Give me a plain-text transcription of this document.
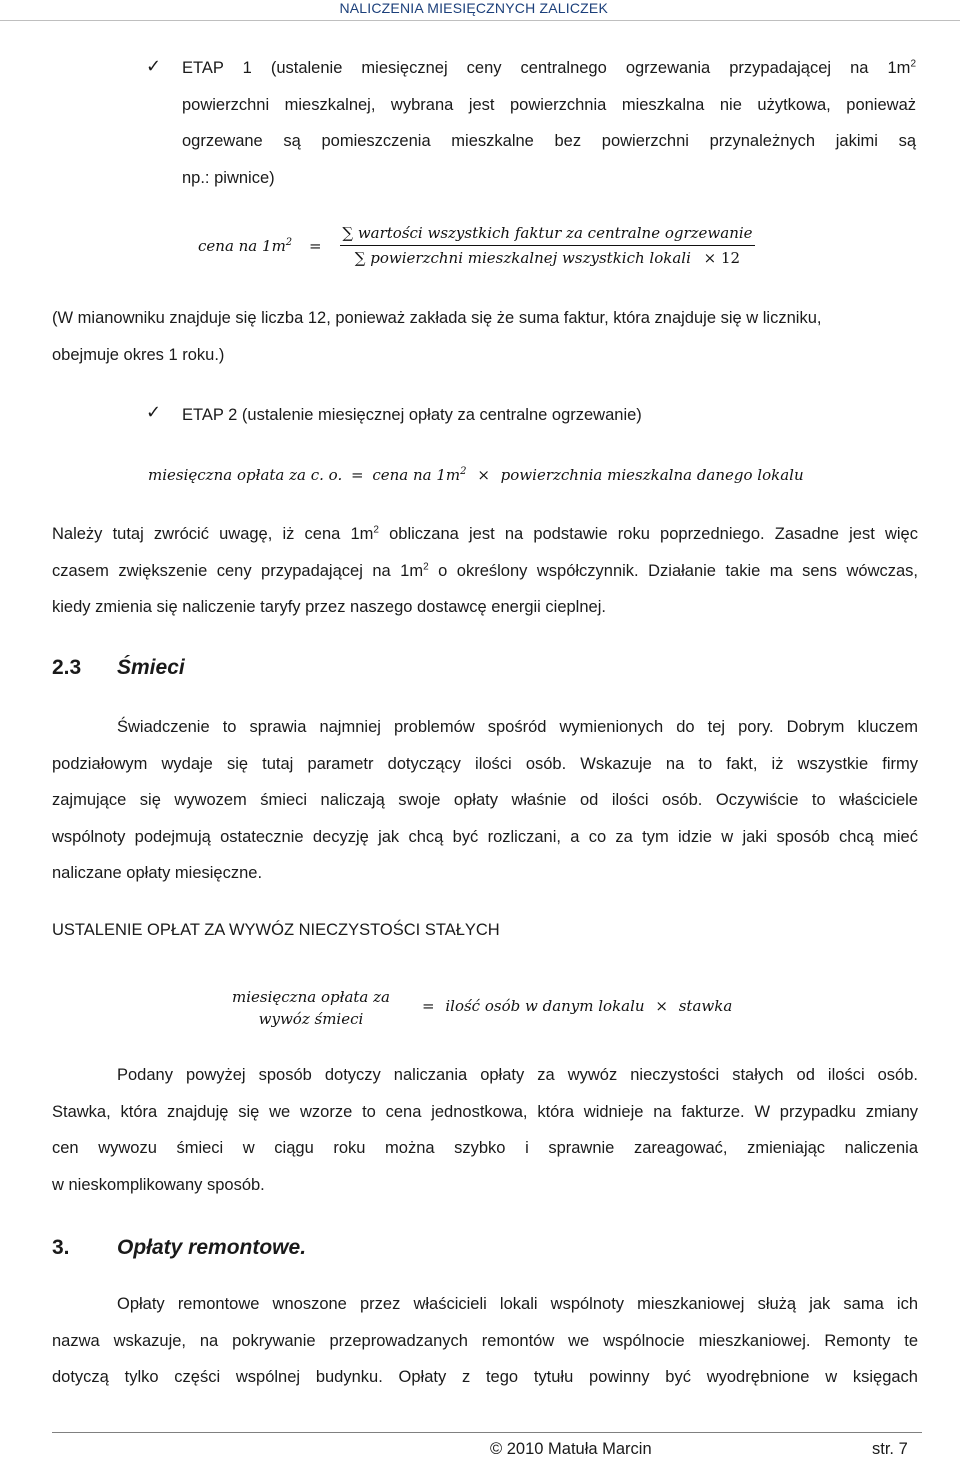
NALICZENIA MIESIĘCZNYCH ZALICZEK
✓ ETAP 1 (ustalenie miesięcznej ceny centralnego ogrzewania przypadającej na $1m^2$

powierzchni mieszkalnej, wybrana jest powierzchnia mieszkalna nie użytkowa, ponieważ

ogrzewane są pomieszczenia mieszkalne bez powierzchni przynależnych jakimi są

np.: piwnice)

cena na $1m^2 = \frac{\text{∑ wartości wszystkich faktur za centralne ogrzewanie}}{\text{∑ powierzchni mieszkalnej wszystkich lokali × 12}}$

(W mianowniku znajduje się liczba 12, ponieważ zakłada się że suma faktur, która znajduje się w liczniku,

obejmuje okres 1 roku.)

✓ ETAP 2 (ustalenie miesięcznej opłaty za centralne ogrzewanie)

miesięczna opłata za c. o. = cena na $1m^2$ × powierzchnia mieszkalna danego lokalu

Należy tutaj zwrócić uwagę, iż cena $1m^2$ obliczana jest na podstawie roku poprzedniego. Zasadne jest więc

czasem zwiększenie ceny przypadającej na $1m^2$ o określony współczynnik. Działanie takie ma sens wówczas,

kiedy zmienia się naliczenie taryfy przez naszego dostawcę energii cieplnej.

2.3 Śmieci

Świadczenie to sprawia najmniej problemów spośród wymienionych do tej pory. Dobrym kluczem

podziałowym wydaje się tutaj parametr dotyczący ilości osób. Wskazuje na to fakt, iż wszystkie firmy

zajmujące się wywozem śmieci naliczają swoje opłaty właśnie od ilości osób. Oczywiście to właściciele

wspólnoty podejmują ostatecznie decyzję jak chcą być rozliczani, a co za tym idzie w jaki sposób chcą mieć

naliczane opłaty miesięczne.

USTALENIE OPŁAT ZA WYWÓZ NIECZYSTOŚCI STAŁYCH
miesięczna opłata za
wywóz śmieci
= ilość osób w danym lokalu × stawka

Podany powyżej sposób dotyczy naliczania opłaty za wywóz nieczystości stałych od ilości osób.

Stawka, która znajduję się we wzorze to cena jednostkowa, która widnieje na fakturze. W przypadku zmiany

cen wywozu śmieci w ciągu roku można szybko i sprawnie zareagować, zmieniając naliczenia

w nieskomplikowany sposób.

3. Opłaty remontowe.

Opłaty remontowe wnoszone przez właścicieli lokali wspólnoty mieszkaniowej służą jak sama ich

nazwa wskazuje, na pokrywanie przeprowadzanych remontów we wspólnocie mieszkaniowej. Remonty te

dotyczą tylko części wspólnej budynku. Opłaty z tego tytułu powinny być wyodrębnione w księgach

© 2010 Matuła Marcin	str. 7
